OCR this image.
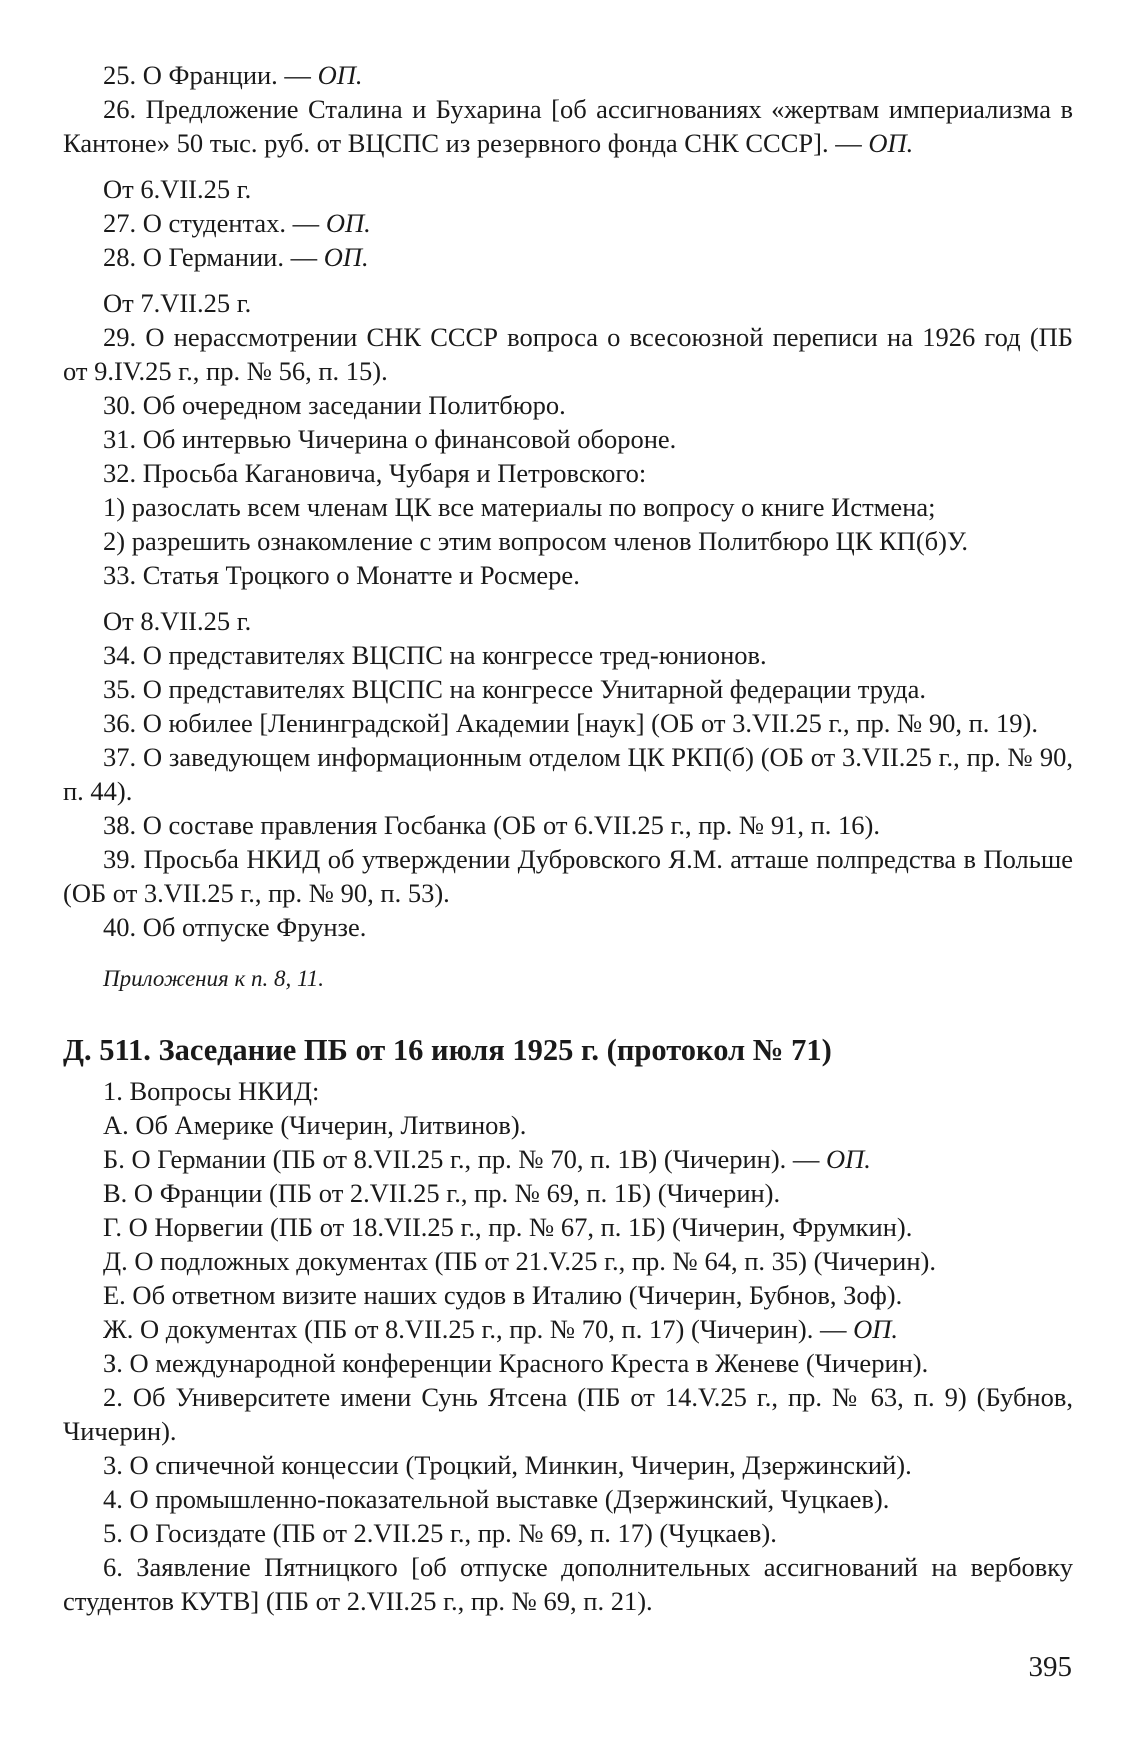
25. О Франции. — ОП.

26. Предложение Сталина и Бухарина [об ассигнованиях «жертвам империализма в Кантоне» 50 тыс. руб. от ВЦСПС из резервного фонда СНК СССР]. — ОП.

От 6.VII.25 г.

27. О студентах. — ОП.

28. О Германии. — ОП.

От 7.VII.25 г.

29. О нерассмотрении СНК СССР вопроса о всесоюзной переписи на 1926 год (ПБ от 9.IV.25 г., пр. № 56, п. 15).

30. Об очередном заседании Политбюро.

31. Об интервью Чичерина о финансовой обороне.

32. Просьба Кагановича, Чубаря и Петровского:

1) разослать всем членам ЦК все материалы по вопросу о книге Истмена;

2) разрешить ознакомление с этим вопросом членов Политбюро ЦК КП(б)У.

33. Статья Троцкого о Монатте и Росмере.

От 8.VII.25 г.

34. О представителях ВЦСПС на конгрессе тред-юнионов.

35. О представителях ВЦСПС на конгрессе Унитарной федерации труда.

36. О юбилее [Ленинградской] Академии [наук] (ОБ от 3.VII.25 г., пр. № 90, п. 19).

37. О заведующем информационным отделом ЦК РКП(б) (ОБ от 3.VII.25 г., пр. № 90, п. 44).

38. О составе правления Госбанка (ОБ от 6.VII.25 г., пр. № 91, п. 16).

39. Просьба НКИД об утверждении Дубровского Я.М. атташе полпредства в Польше (ОБ от 3.VII.25 г., пр. № 90, п. 53).

40. Об отпуске Фрунзе.

Приложения к п. 8, 11.

Д. 511. Заседание ПБ от 16 июля 1925 г. (протокол № 71)

1. Вопросы НКИД:

А. Об Америке (Чичерин, Литвинов).

Б. О Германии (ПБ от 8.VII.25 г., пр. № 70, п. 1В) (Чичерин). — ОП.

В. О Франции (ПБ от 2.VII.25 г., пр. № 69, п. 1Б) (Чичерин).

Г. О Норвегии (ПБ от 18.VII.25 г., пр. № 67, п. 1Б) (Чичерин, Фрумкин).

Д. О подложных документах (ПБ от 21.V.25 г., пр. № 64, п. 35) (Чичерин).

Е. Об ответном визите наших судов в Италию (Чичерин, Бубнов, Зоф).

Ж. О документах (ПБ от 8.VII.25 г., пр. № 70, п. 17) (Чичерин). — ОП.

З. О международной конференции Красного Креста в Женеве (Чичерин).

2. Об Университете имени Сунь Ятсена (ПБ от 14.V.25 г., пр. № 63, п. 9) (Бубнов, Чичерин).

3. О спичечной концессии (Троцкий, Минкин, Чичерин, Дзержинский).

4. О промышленно-показательной выставке (Дзержинский, Чуцкаев).

5. О Госиздате (ПБ от 2.VII.25 г., пр. № 69, п. 17) (Чуцкаев).

6. Заявление Пятницкого [об отпуске дополнительных ассигнований на вербовку студентов КУТВ] (ПБ от 2.VII.25 г., пр. № 69, п. 21).

395
